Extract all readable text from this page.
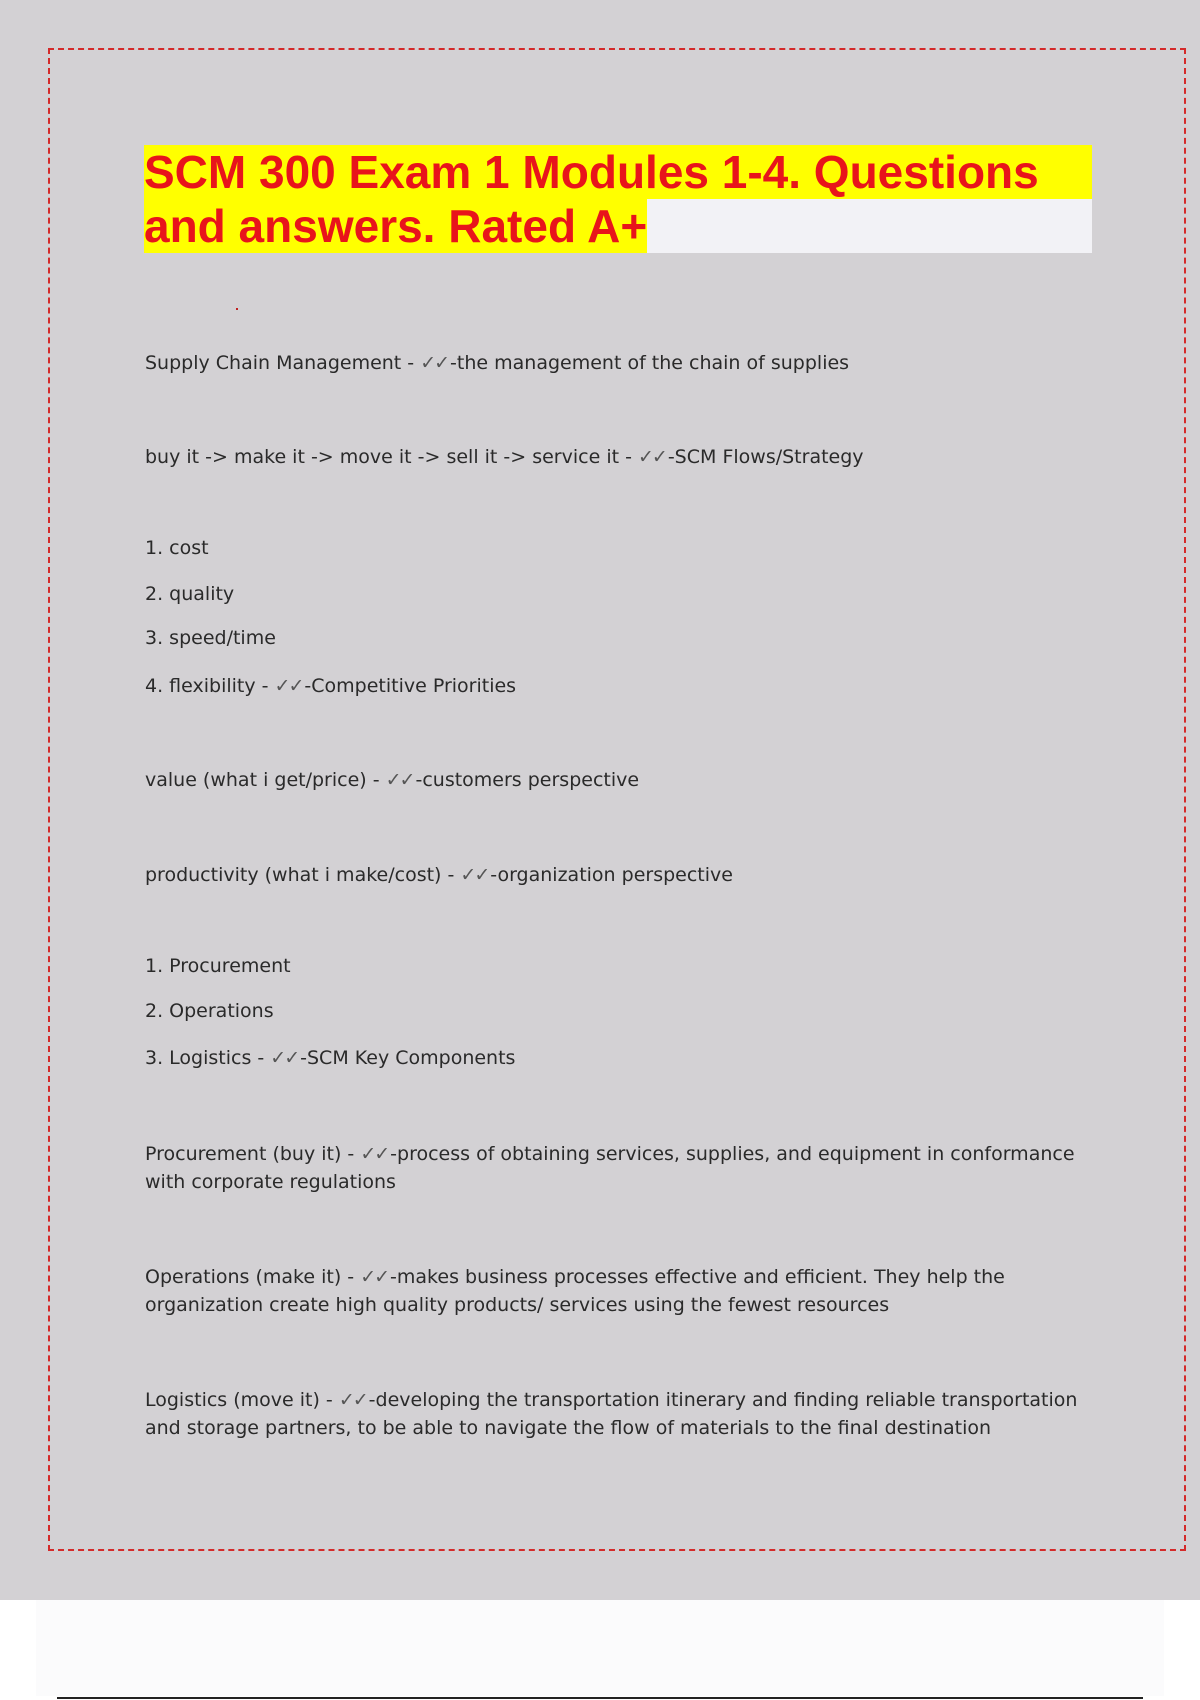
SCM 300 Exam 1 Modules 1-4. Questions
and answers. Rated A+
Supply Chain Management - ✓✓ -the management of the chain of supplies
buy it -> make it -> move it -> sell it -> service it - ✓✓ -SCM Flows/Strategy
1. cost
2. quality
3. speed/time
4. flexibility - ✓✓ -Competitive Priorities
value (what i get/price) - ✓✓ -customers perspective
productivity (what i make/cost) - ✓✓ -organization perspective
1. Procurement
2. Operations
3. Logistics - ✓✓ -SCM Key Components
Procurement (buy it) - ✓✓ -process of obtaining services, supplies, and equipment in conformance with corporate regulations
Operations (make it) - ✓✓ -makes business processes effective and efficient. They help the organization create high quality products/ services using the fewest resources
Logistics (move it) - ✓✓ -developing the transportation itinerary and finding reliable transportation and storage partners, to be able to navigate the flow of materials to the final destination
